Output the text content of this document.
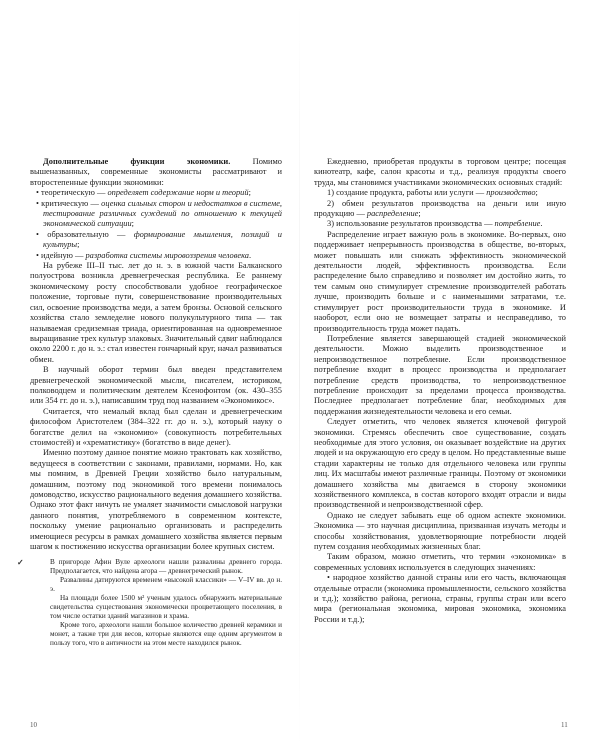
Дополнительные функции экономики. Помимо вышеназванных, современные экономисты рассматривают и второстепенные функции экономики:

• теоретическую — определяет содержание норм и теорий;

• критическую — оценка сильных сторон и недостатков в системе, тестирование различных суждений по отношению к текущей экономической ситуации;

• образовательную — формирование мышления, позиций и культуры;

• идейную — разработка системы мировоззрения человека.

На рубеже III–II тыс. лет до н. э. в южной части Балканского полуострова возникла древнегреческая республика. Ее раннему экономическому росту способствовали удобное географическое положение, торговые пути, совершенствование производительных сил, освоение производства меди, а затем бронзы. Основой сельского хозяйства стало земледелие нового полукультурного типа — так называемая средиземная триада, ориентированная на одновременное выращивание трех культур злаковых. Значительный сдвиг наблюдался около 2200 г. до н. э.: стал известен гончарный круг, начал развиваться обмен.

В научный оборот термин был введен представителем древнегреческой экономической мысли, писателем, историком, полководцем и политическим деятелем Ксенофонтом (ок. 430–355 или 354 гг. до н. э.), написавшим труд под названием «Экономикос».

Считается, что немалый вклад был сделан и древнегреческим философом Аристотелем (384–322 гг. до н. э.), который науку о богатстве делил на «экономию» (совокупность потребительных стоимостей) и «хрематистику» (богатство в виде денег).

Именно поэтому данное понятие можно трактовать как хозяйство, ведущееся в соответствии с законами, правилами, нормами. Но, как мы помним, в Древней Греции хозяйство было натуральным, домашним, поэтому под экономикой того времени понималось домоводство, искусство рационального ведения домашнего хозяйства. Однако этот факт ничуть не умаляет значимости смысловой нагрузки данного понятия, употребляемого в современном контексте, поскольку умение рационально организовать и распределить имеющиеся ресурсы в рамках домашнего хозяйства является первым шагом к постижению искусства организации более крупных систем.

✓	В пригороде Афин Вуле археологи нашли развалины древнего города. Предполагается, что найдена агора — древнегреческий рынок.

Развалины датируются временем «высокой классики» — V–IV вв. до н. э.

На площади более 1500 м² ученым удалось обнаружить материальные свидетельства существования экономически процветающего поселения, в том числе остатки зданий магазинов и храма.

Кроме того, археологи нашли большое количество древней керамики и монет, а также три для весов, которые являются еще одним аргументом в пользу того, что в античности на этом месте находился рынок.

Ежедневно, приобретая продукты в торговом центре; посещая кинотеатр, кафе, салон красоты и т.д., реализуя продукты своего труда, мы становимся участниками экономических основных стадий:

1) создание продукта, работы или услуги — производство;

2) обмен результатов производства на деньги или иную продукцию — распределение;

3) использование результатов производства — потребление.

Распределение играет важную роль в экономике. Во-первых, оно поддерживает непрерывность производства в обществе, во-вторых, может повышать или снижать эффективность экономической деятельности людей, эффективность производства. Если распределение было справедливо и позволяет им достойно жить, то тем самым оно стимулирует стремление производителей работать лучше, производить больше и с наименьшими затратами, т.е. стимулирует рост производительности труда в экономике. И наоборот, если оно не возмещает затраты и несправедливо, то производительность труда может падать.

Потребление является завершающей стадией экономической деятельности. Можно выделить производственное и непроизводственное потребление. Если производственное потребление входит в процесс производства и предполагает потребление средств производства, то непроизводственное потребление происходит за пределами процесса производства. Последнее предполагает потребление благ, необходимых для поддержания жизнедеятельности человека и его семьи.

Следует отметить, что человек является ключевой фигурой экономики. Стремясь обеспечить свое существование, создать необходимые для этого условия, он оказывает воздействие на других людей и на окружающую его среду в целом. Но представленные выше стадии характерны не только для отдельного человека или группы лиц. Их масштабы имеют различные границы. Поэтому от экономики домашнего хозяйства мы двигаемся в сторону экономики хозяйственного комплекса, в состав которого входят отрасли и виды производственной и непроизводственной сфер.

Однако не следует забывать еще об одном аспекте экономики. Экономика — это научная дисциплина, призванная изучать методы и способы хозяйствования, удовлетворяющие потребности людей путем создания необходимых жизненных благ.

Таким образом, можно отметить, что термин «экономика» в современных условиях используется в следующих значениях:

• народное хозяйство данной страны или его часть, включающая отдельные отрасли (экономика промышленности, сельского хозяйства и т.д.); хозяйство района, региона, страны, группы стран или всего мира (региональная экономика, мировая экономика, экономика России и т.д.);

10	11
